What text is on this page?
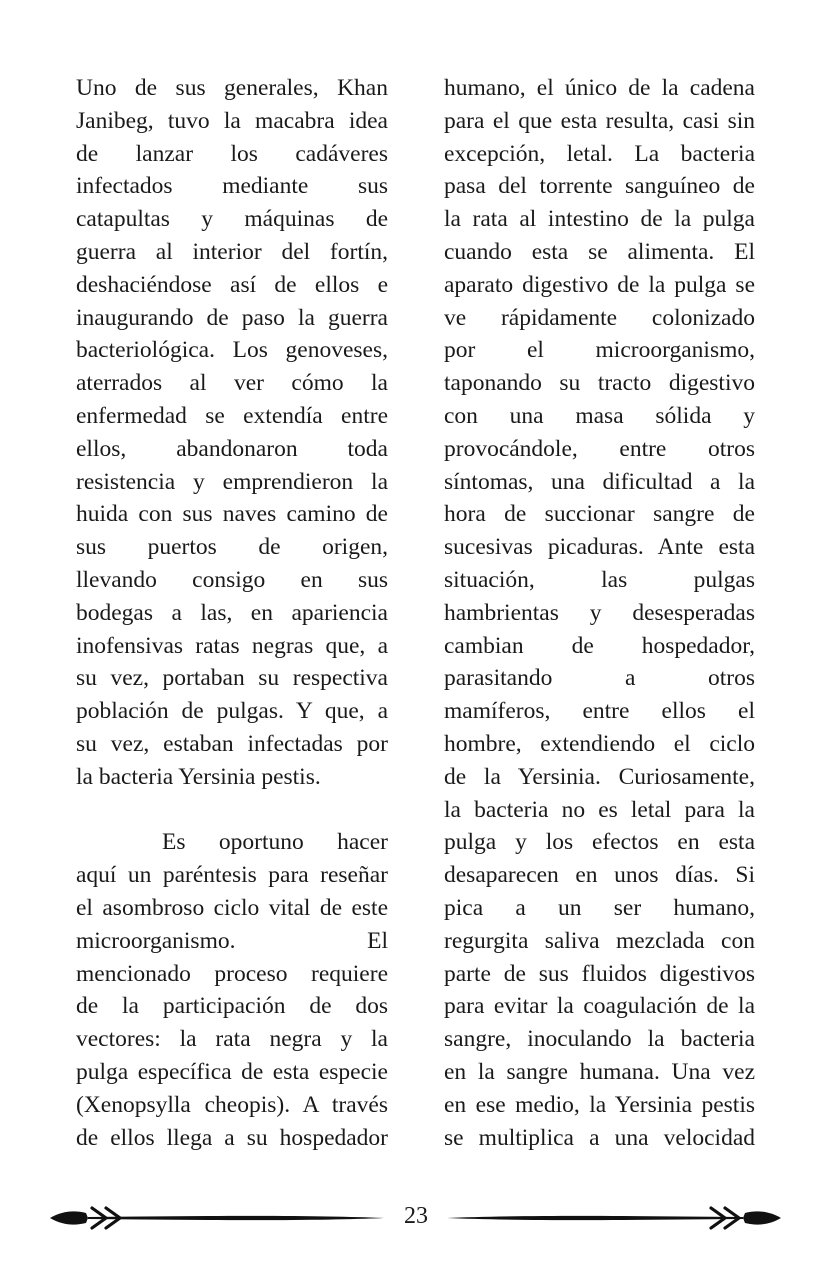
Uno de sus generales, Khan
Janibeg, tuvo la macabra idea
de lanzar los cadáveres
infectados mediante sus
catapultas y máquinas de
guerra al interior del fortín,
deshaciéndose así de ellos e
inaugurando de paso la guerra
bacteriológica. Los genoveses,
aterrados al ver cómo la
enfermedad se extendía entre
ellos, abandonaron toda
resistencia y emprendieron la
huida con sus naves camino de
sus puertos de origen,
llevando consigo en sus
bodegas a las, en apariencia
inofensivas ratas negras que, a
su vez, portaban su respectiva
población de pulgas. Y que, a
su vez, estaban infectadas por
la bacteria Yersinia pestis.
Es oportuno hacer
aquí un paréntesis para reseñar
el asombroso ciclo vital de este
microorganismo. El
mencionado proceso requiere
de la participación de dos
vectores: la rata negra y la
pulga específica de esta especie
(Xenopsylla cheopis). A través
de ellos llega a su hospedador
humano, el único de la cadena
para el que esta resulta, casi sin
excepción, letal. La bacteria
pasa del torrente sanguíneo de
la rata al intestino de la pulga
cuando esta se alimenta. El
aparato digestivo de la pulga se
ve rápidamente colonizado
por el microorganismo,
taponando su tracto digestivo
con una masa sólida y
provocándole, entre otros
síntomas, una dificultad a la
hora de succionar sangre de
sucesivas picaduras. Ante esta
situación, las pulgas
hambrientas y desesperadas
cambian de hospedador,
parasitando a otros
mamíferos, entre ellos el
hombre, extendiendo el ciclo
de la Yersinia. Curiosamente,
la bacteria no es letal para la
pulga y los efectos en esta
desaparecen en unos días. Si
pica a un ser humano,
regurgita saliva mezclada con
parte de sus fluidos digestivos
para evitar la coagulación de la
sangre, inoculando la bacteria
en la sangre humana. Una vez
en ese medio, la Yersinia pestis
se multiplica a una velocidad
23
